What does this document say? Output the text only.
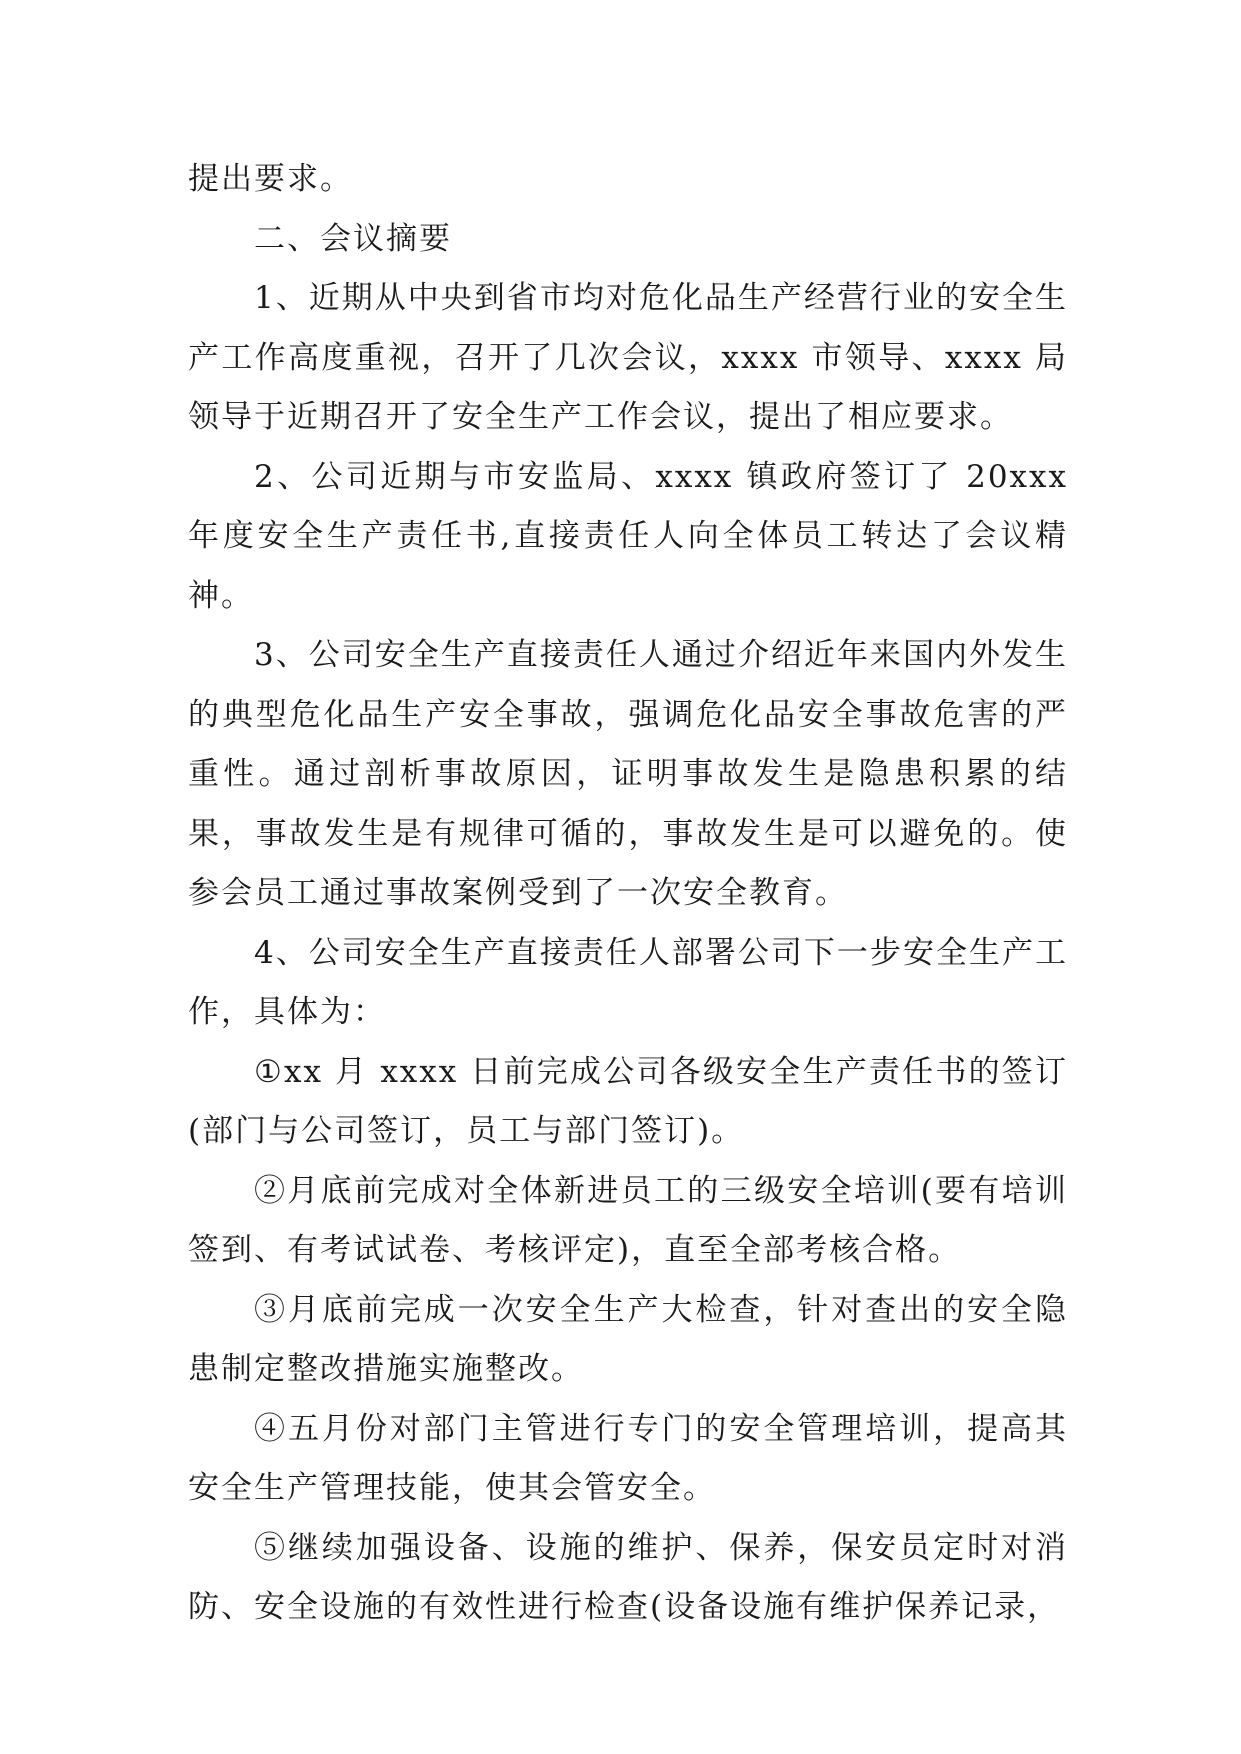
提出要求。

二、会议摘要

1、近期从中央到省市均对危化品生产经营行业的安全生产工作高度重视，召开了几次会议，xxxx 市领导、xxxx 局领导于近期召开了安全生产工作会议，提出了相应要求。

2、公司近期与市安监局、xxxx 镇政府签订了 20xxx 年度安全生产责任书,直接责任人向全体员工转达了会议精神。

3、公司安全生产直接责任人通过介绍近年来国内外发生的典型危化品生产安全事故，强调危化品安全事故危害的严重性。通过剖析事故原因，证明事故发生是隐患积累的结果，事故发生是有规律可循的，事故发生是可以避免的。使参会员工通过事故案例受到了一次安全教育。

4、公司安全生产直接责任人部署公司下一步安全生产工作，具体为：

①xx 月 xxxx 日前完成公司各级安全生产责任书的签订(部门与公司签订，员工与部门签订)。

②月底前完成对全体新进员工的三级安全培训(要有培训签到、有考试试卷、考核评定)，直至全部考核合格。

③月底前完成一次安全生产大检查，针对查出的安全隐患制定整改措施实施整改。

④五月份对部门主管进行专门的安全管理培训，提高其安全生产管理技能，使其会管安全。

⑤继续加强设备、设施的维护、保养，保安员定时对消防、安全设施的有效性进行检查(设备设施有维护保养记录，
